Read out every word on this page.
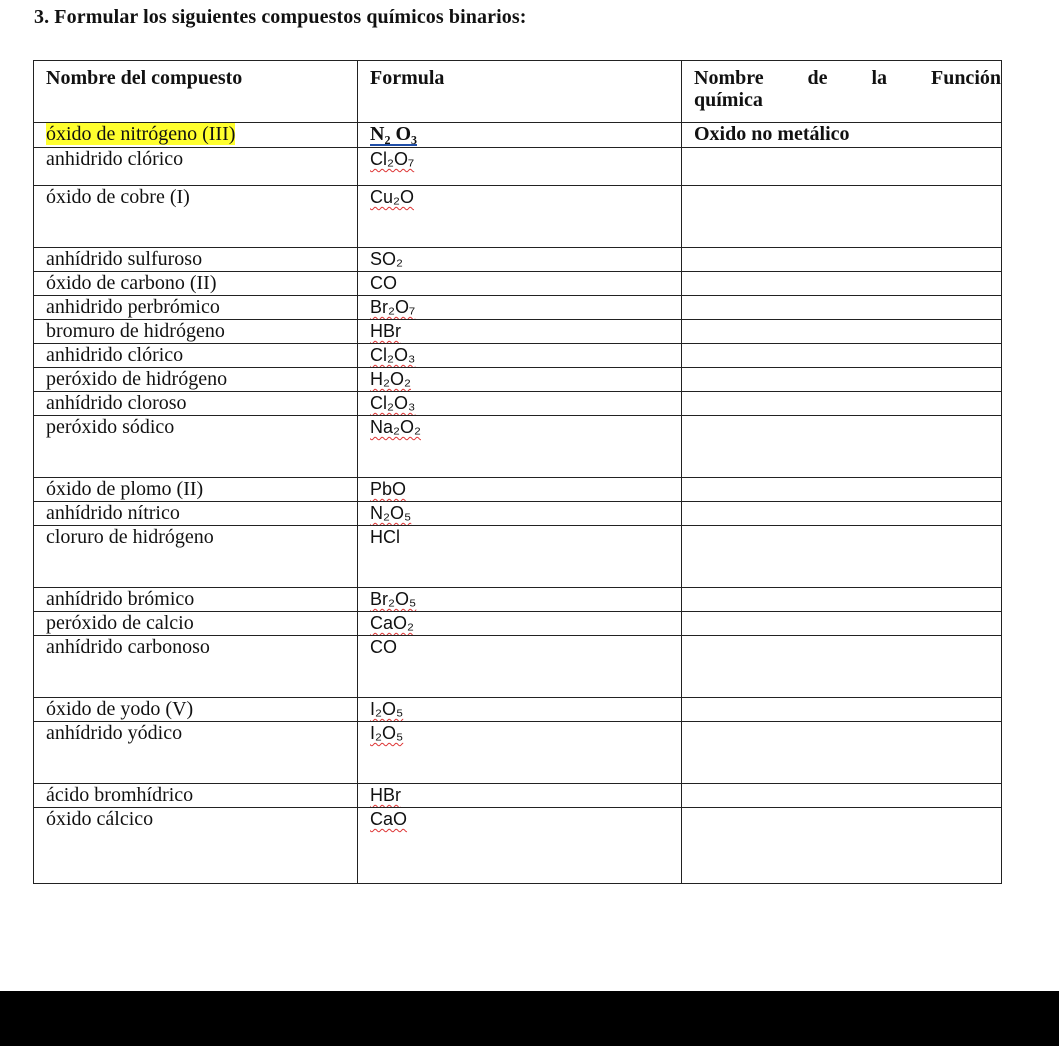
3. Formular los siguientes compuestos químicos binarios:
Nombre del compuesto	Formula	Nombre de la Función
química
óxido de nitrógeno (III)	N₂ O₃	Oxido no metálico
anhidrido clórico	Cl₂O₇	
óxido de cobre (I)	Cu₂O	
anhídrido sulfuroso	SO₂	
óxido de carbono (II)	CO	
anhidrido perbrómico	Br₂O₇	
bromuro de hidrógeno	HBr	
anhidrido clórico	Cl₂O₃	
peróxido de hidrógeno	H₂O₂	
anhídrido cloroso	Cl₂O₃	
peróxido sódico	Na₂O₂	
óxido de plomo (II)	PbO	
anhídrido nítrico	N₂O₅	
cloruro de hidrógeno	HCl	
anhídrido brómico	Br₂O₅	
peróxido de calcio	CaO₂	
anhídrido carbonoso	CO	
óxido de yodo (V)	I₂O₅	
anhídrido yódico	I₂O₅	
ácido bromhídrico	HBr	
óxido cálcico	CaO	
